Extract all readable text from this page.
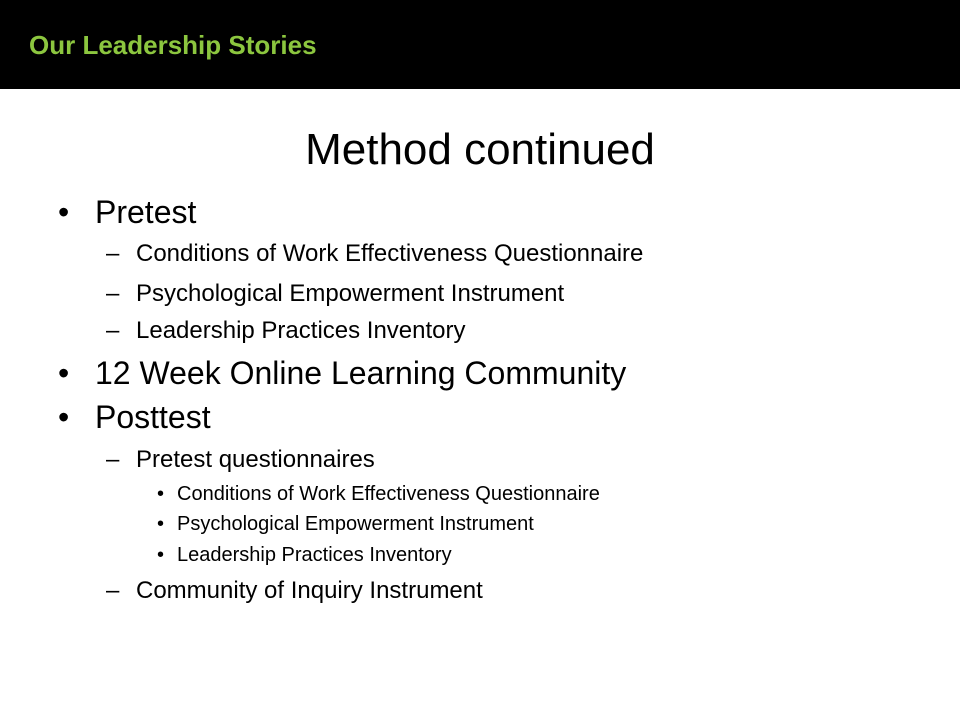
Our Leadership Stories
Method continued
• Pretest
– Conditions of Work Effectiveness Questionnaire
– Psychological Empowerment Instrument
– Leadership Practices Inventory
• 12 Week Online Learning Community
• Posttest
– Pretest questionnaires
• Conditions of Work Effectiveness Questionnaire
• Psychological Empowerment Instrument
• Leadership Practices Inventory
– Community of Inquiry Instrument
